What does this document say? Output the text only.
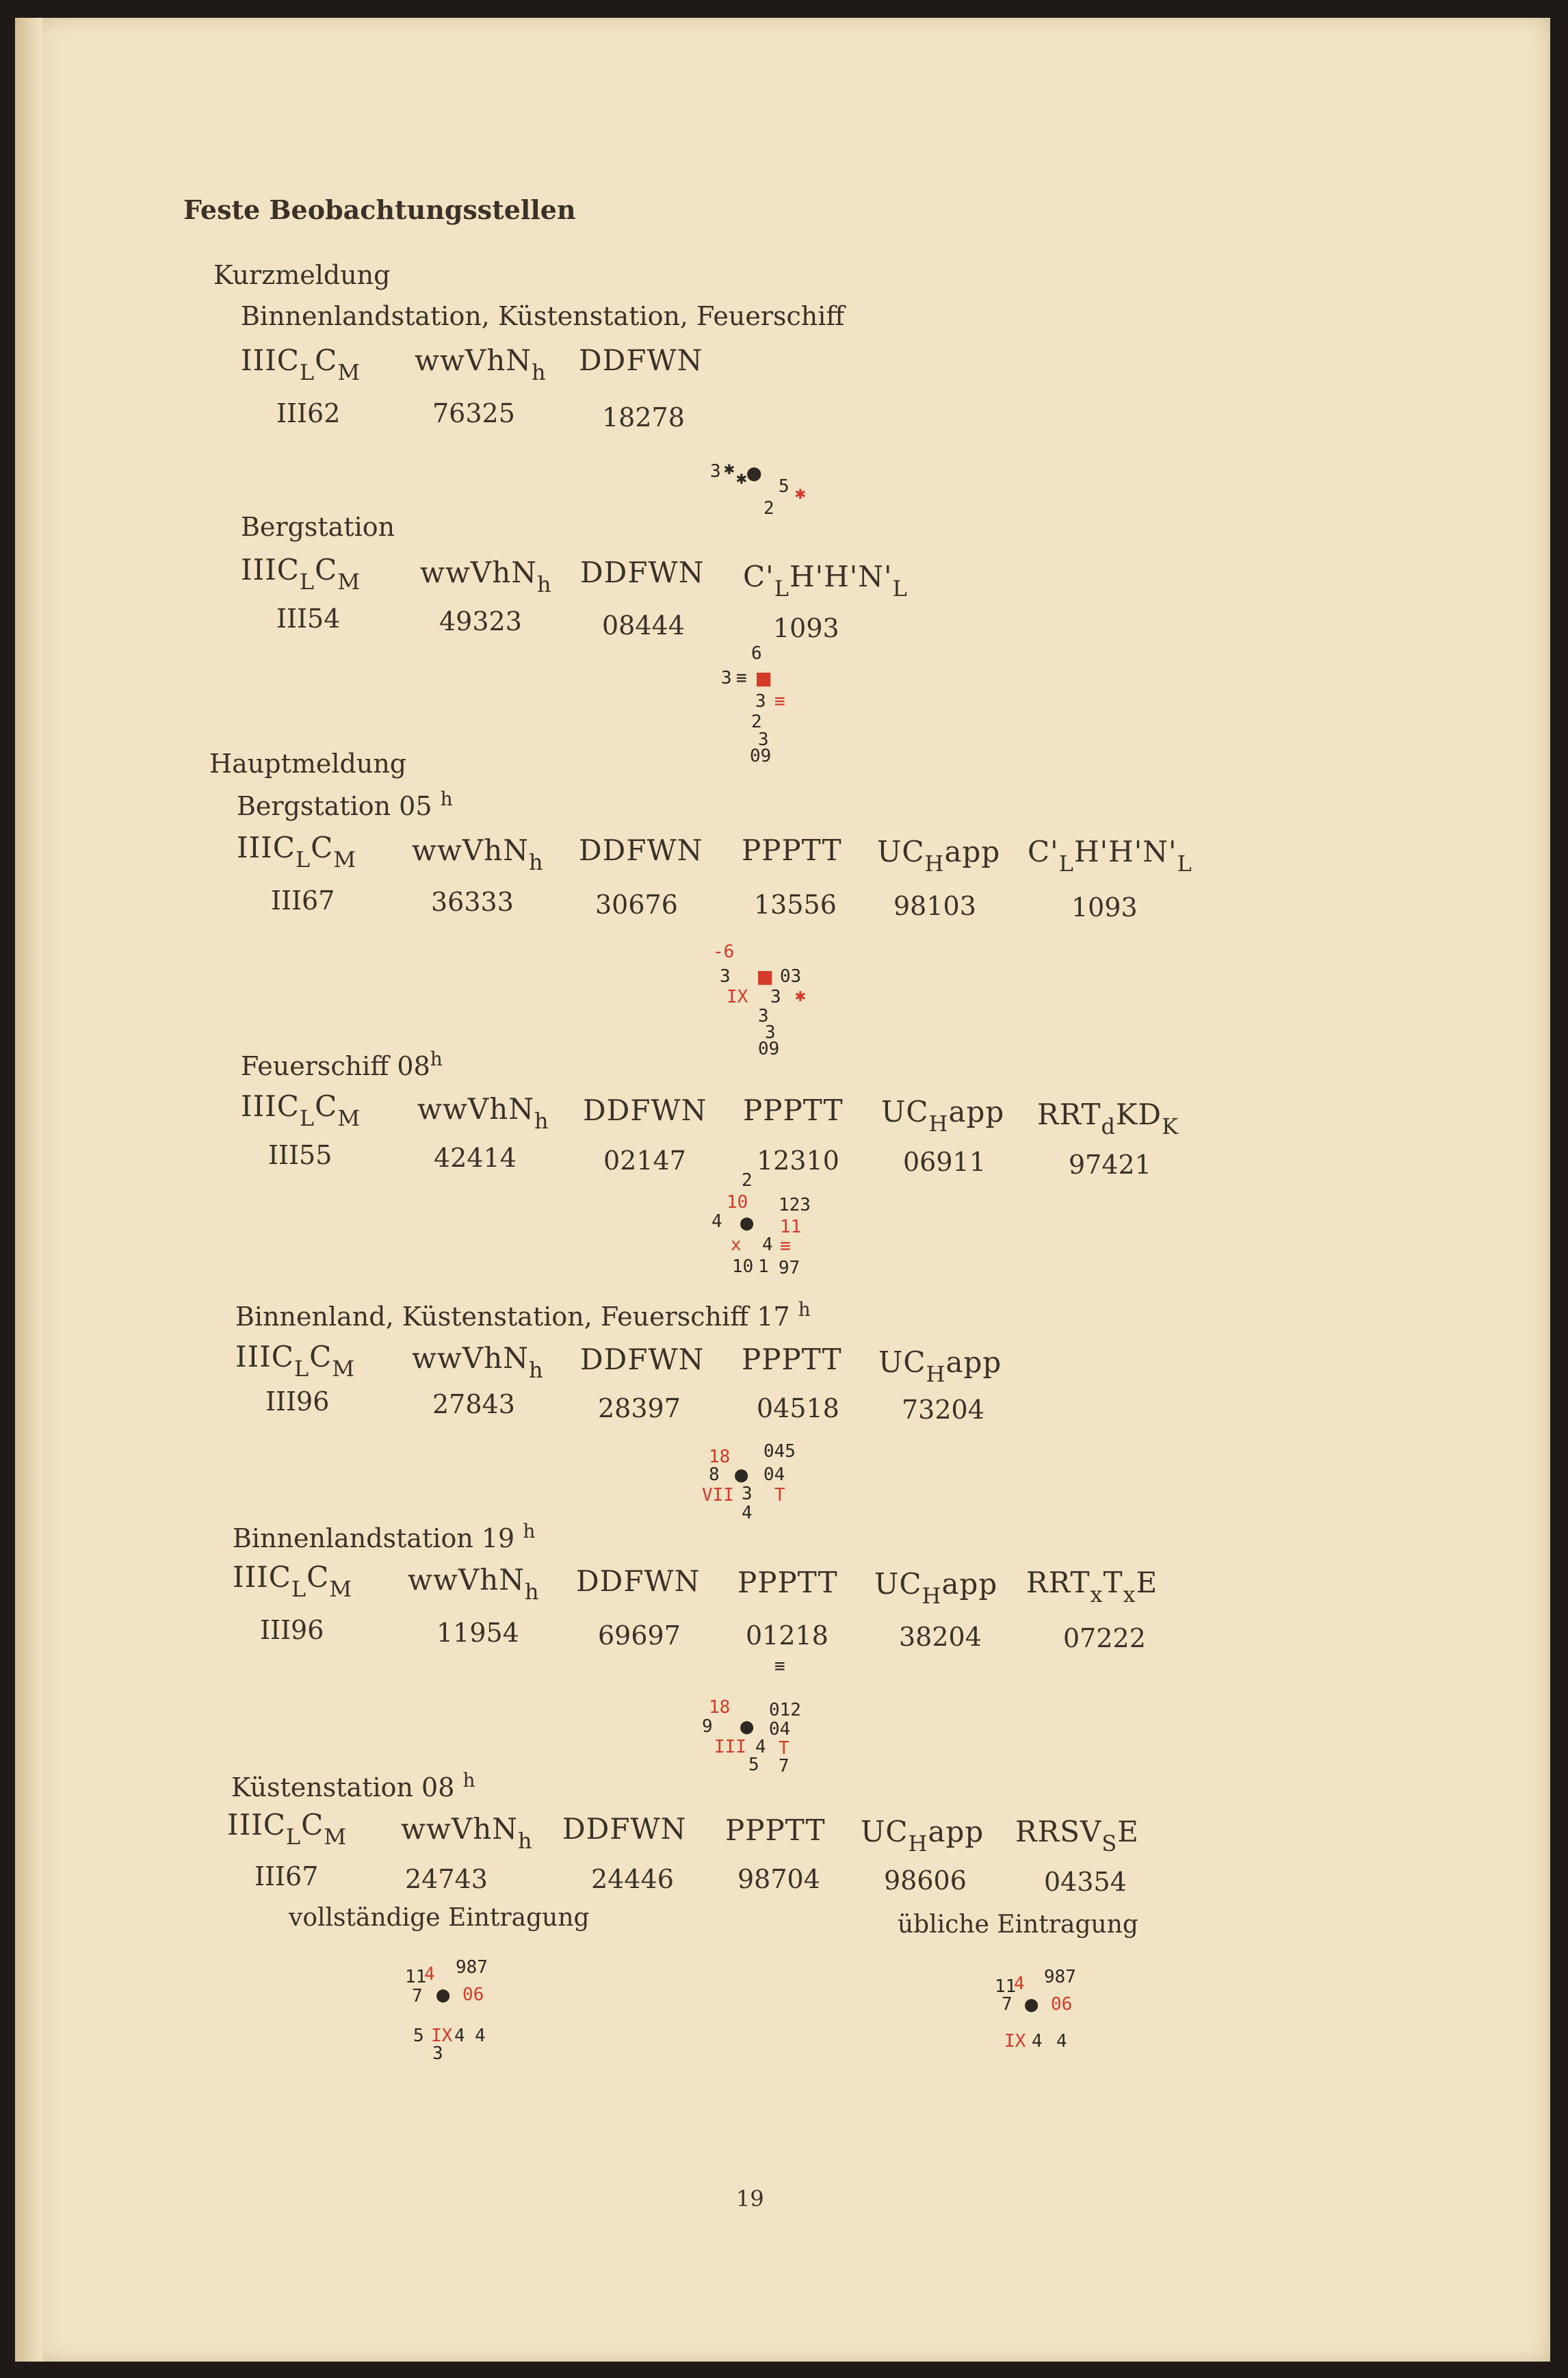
Feste Beobachtungsstellen
Kurzmeldung
Binnenlandstation, Küstenstation, Feuerschiff
$IIIC_LC_M$ wwVhN$_h$ DDFWN
III62	76325	18278
3 ✱ ✱ ● 5
2
✱
Bergstation
$IIIC_LC_M$ wwVhN$_h$ DDFWN $C'_LH'H'N'_L$
III54	49323	08444	1093
6
3 ≡ ■
3 ≡
2
3
09
Hauptmeldung
Bergstation 05 $^h$
$IIIC_LC_M$ wwVhN$_h$ DDFWN PPPTT $UC_Happ$ $C'_LH'H'N'_L$
III67	36333	30676	13556 98103	1093
-6
3 ■ 03
IX 3 ✱
3
3
09
Feuerschiff 08$^h$
$IIIC_LC_M$ wwVhN$_h$ DDFWN PPPTT $UC_Happ$ $RRT_dKD_K$
III55	42414	02147	12310 06911	97421
2
10 123
4 ● 11
x 4 ≡
10 1 97
Binnenland, Küstenstation, Feuerschiff 17 $^h$
$IIIC_LC_M$ wwVhN$_h$ DDFWN PPPTT $UC_Happ$
III96	27843	28397	04518 73204
045
18
8 ● 04
VII 3 T
4
Binnenlandstation 19 $^h$
$IIIC_LC_M$ wwVhN$_h$ DDFWN PPPTT $UC_Happ$ $RRT_xT_xE$
III96	11954	69697	01218	38204	07222
≡
18 012
9 ● 04
III 4 T
5 7
Küstenstation 08 $^h$
$IIIC_LC_M$ wwVhN$_h$ DDFWN PPPTT $UC_Happ$ $RRSV_SE$
III67	24743	24446 98704 98606	04354
vollständige Eintragung	übliche Eintragung
987
11
4
7 ● 06
5 IX 4 4
3
987
11
4
7 ● 06
IX 4 4
19
